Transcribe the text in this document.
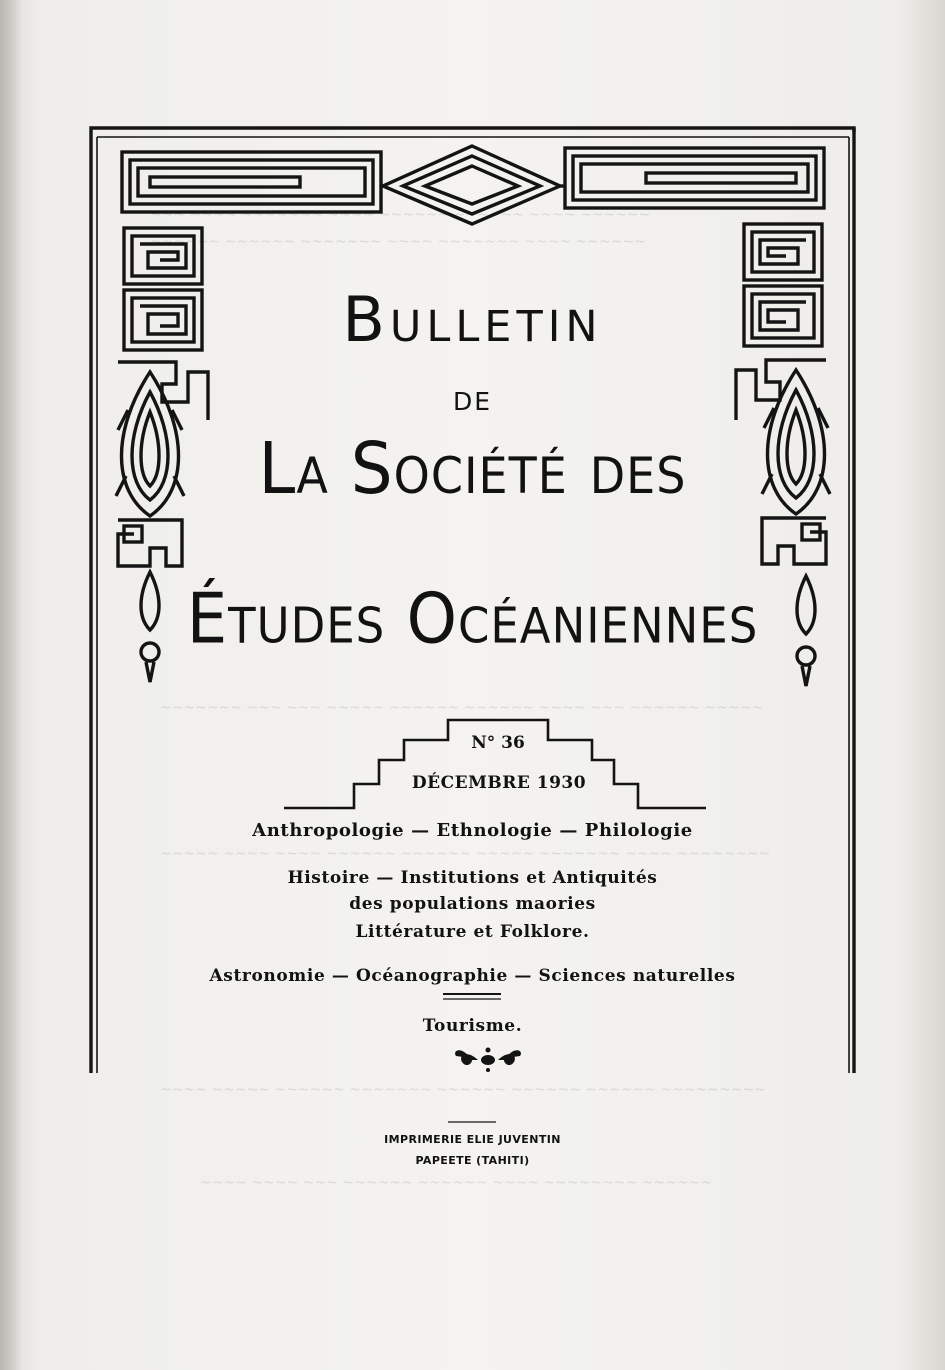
~~~ ~~~~ ~~~~~~~ ~~~~ ~~~~~~ ~~~~~~ ~~~~ ~~~~~~
~~~~~~ ~~~~~~ ~~~~~~~ ~~~~ ~~~~~~~ ~~~~ ~~~~~~
~~~~~~~ ~~~ ~~~ ~~~~~ ~~~~~~ ~~~~~~ ~~~~ ~~~ ~~~~~~ ~~~~~
~~~~~ ~~~~ ~~~~ ~~~~~~ ~~~~~~ ~~~~~ ~~~~~~~ ~~~~ ~~~~~~~~
~~~~ ~~~~~ ~~~~~~ ~~~~~~~ ~~~~~~ ~~~~~~ ~~~~~~ ~~~~~~~~~
~~~~ ~~~~ ~~~ ~~~~~~ ~~~~~~ ~~~~ ~~~~~~~~ ~~~~~~
Bulletin
de
La Société des
Études Océaniennes
N° 36
DÉCEMBRE 1930
Anthropologie — Ethnologie — Philologie
Histoire — Institutions et Antiquités
des populations maories
Littérature et Folklore.
Astronomie — Océanographie — Sciences naturelles
Tourisme.
IMPRIMERIE ELIE JUVENTIN
PAPEETE (TAHITI)
